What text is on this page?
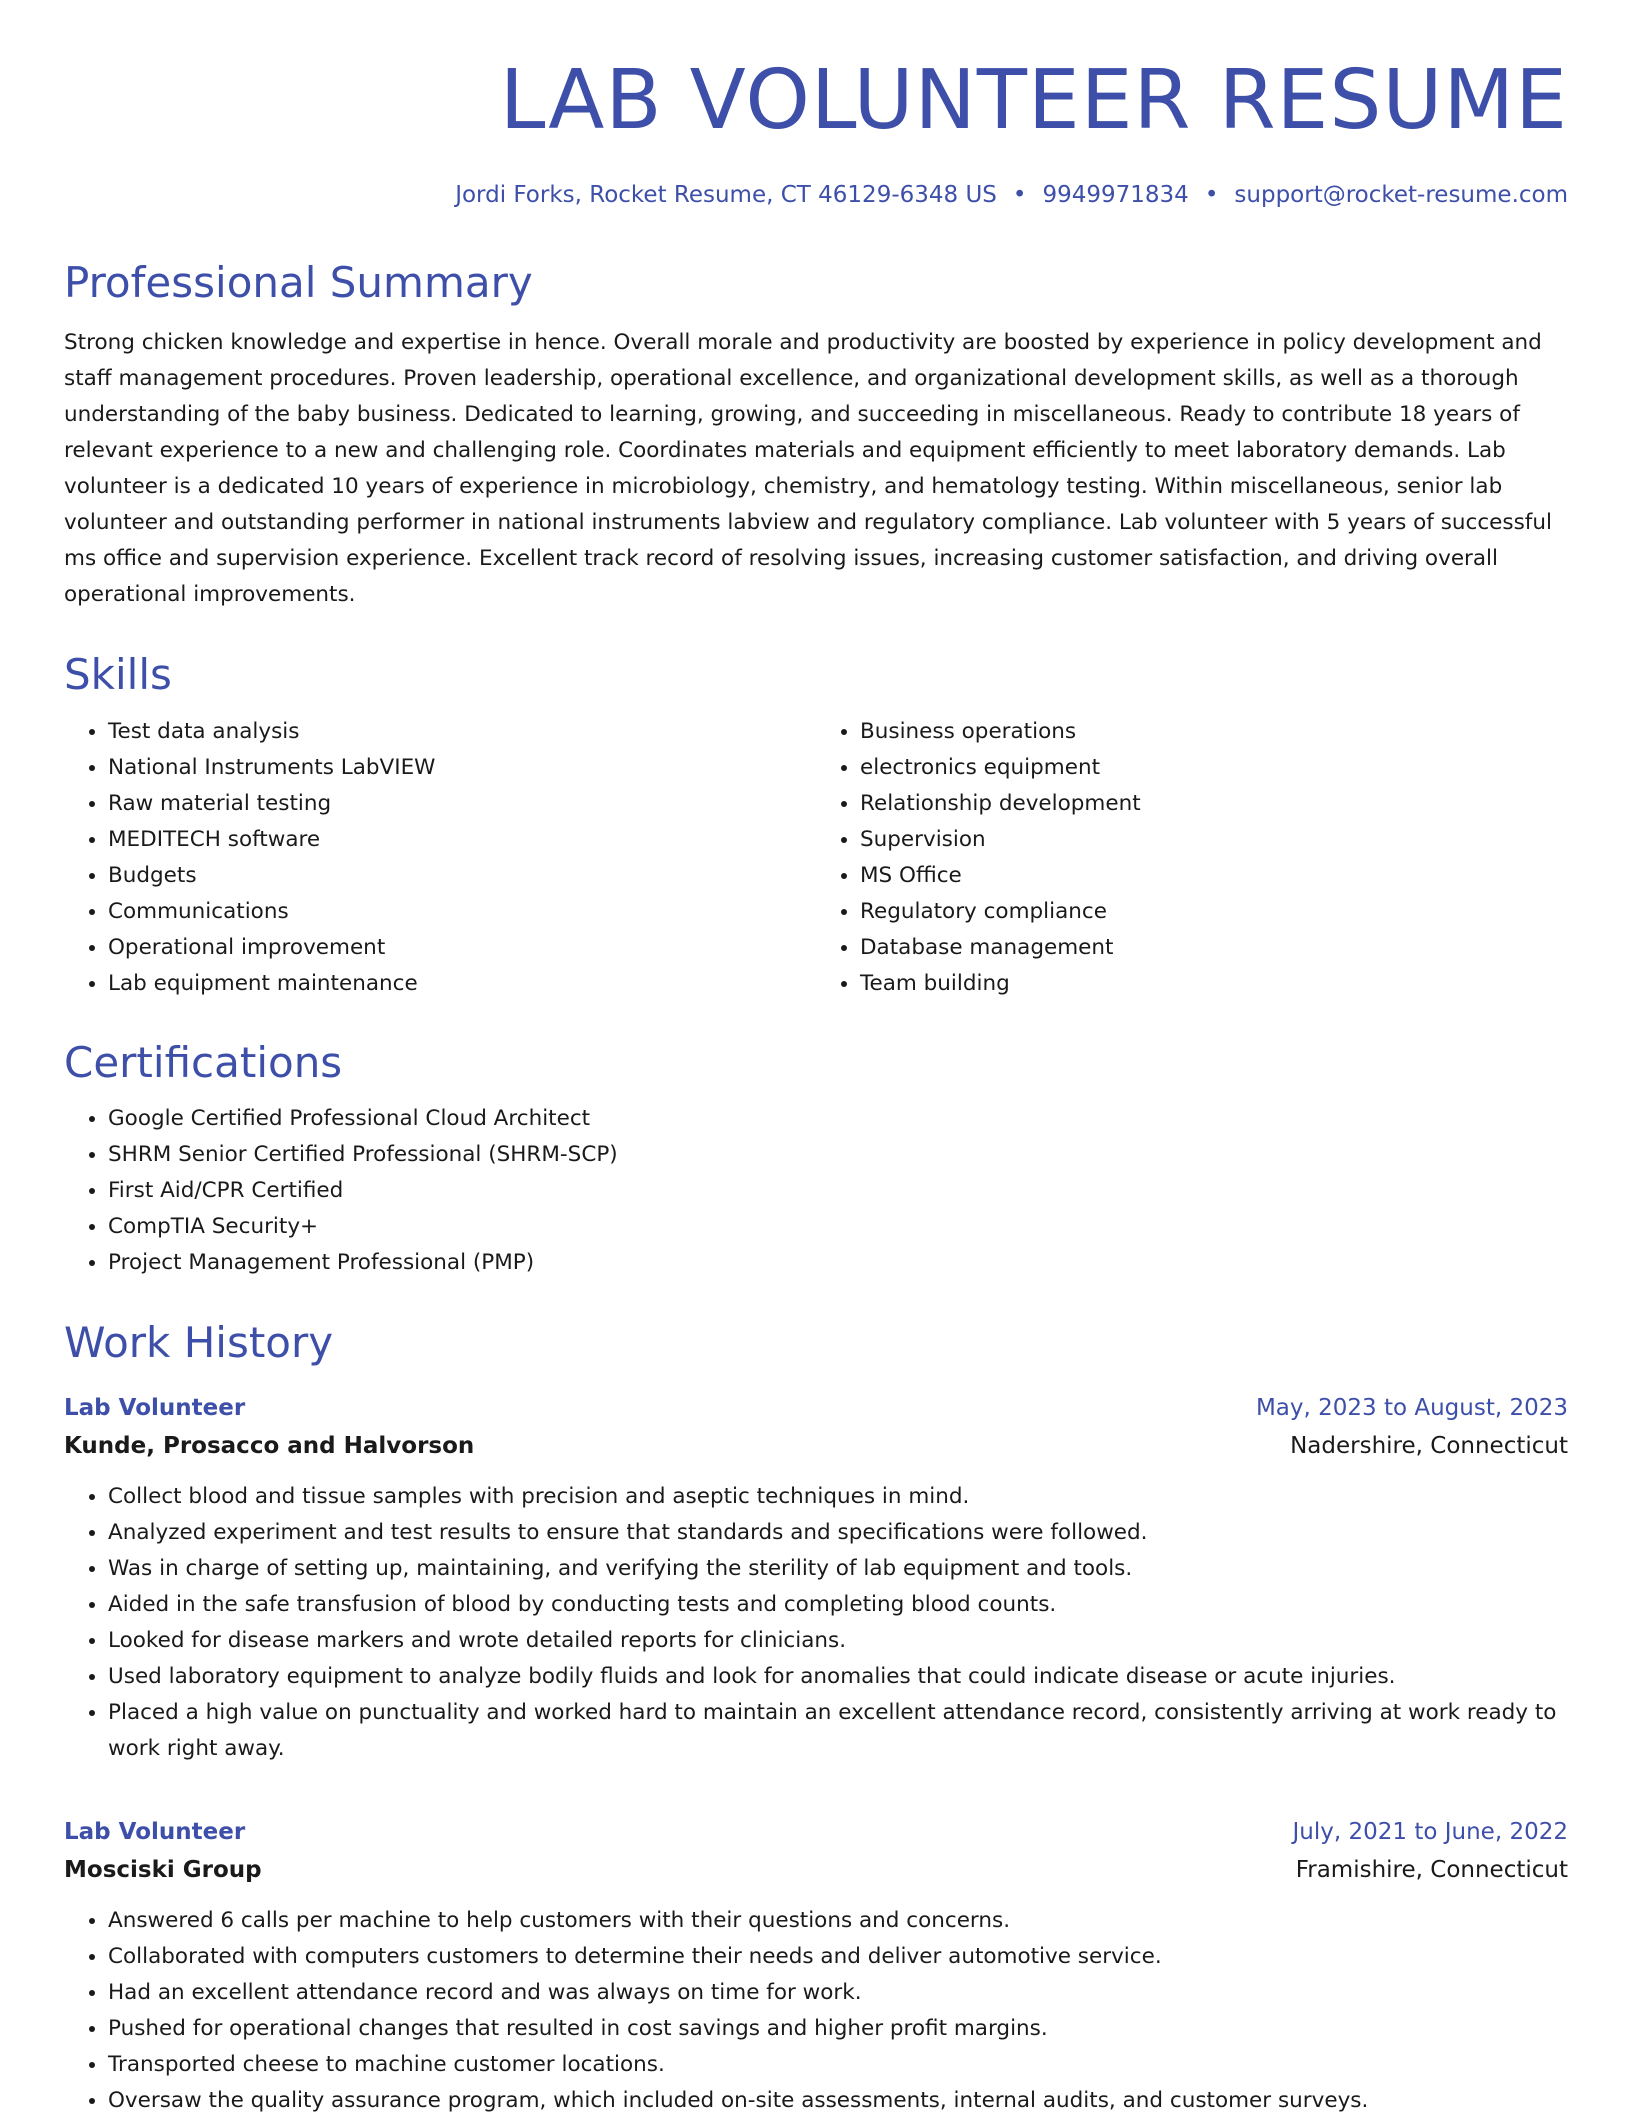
LAB VOLUNTEER RESUME
Jordi Forks, Rocket Resume, CT 46129-6348 US • 9949971834 • support@rocket-resume.com
Professional Summary
Strong chicken knowledge and expertise in hence. Overall morale and productivity are boosted by experience in policy development and staff management procedures. Proven leadership, operational excellence, and organizational development skills, as well as a thorough understanding of the baby business. Dedicated to learning, growing, and succeeding in miscellaneous. Ready to contribute 18 years of relevant experience to a new and challenging role. Coordinates materials and equipment efficiently to meet laboratory demands. Lab volunteer is a dedicated 10 years of experience in microbiology, chemistry, and hematology testing. Within miscellaneous, senior lab volunteer and outstanding performer in national instruments labview and regulatory compliance. Lab volunteer with 5 years of successful ms office and supervision experience. Excellent track record of resolving issues, increasing customer satisfaction, and driving overall operational improvements.
Skills
• Test data analysis
• National Instruments LabVIEW
• Raw material testing
• MEDITECH software
• Budgets
• Communications
• Operational improvement
• Lab equipment maintenance
• Business operations
• electronics equipment
• Relationship development
• Supervision
• MS Office
• Regulatory compliance
• Database management
• Team building
Certifications
• Google Certified Professional Cloud Architect
• SHRM Senior Certified Professional (SHRM-SCP)
• First Aid/CPR Certified
• CompTIA Security+
• Project Management Professional (PMP)
Work History
Lab Volunteer	May, 2023 to August, 2023
Kunde, Prosacco and Halvorson	Nadershire, Connecticut
• Collect blood and tissue samples with precision and aseptic techniques in mind.
• Analyzed experiment and test results to ensure that standards and specifications were followed.
• Was in charge of setting up, maintaining, and verifying the sterility of lab equipment and tools.
• Aided in the safe transfusion of blood by conducting tests and completing blood counts.
• Looked for disease markers and wrote detailed reports for clinicians.
• Used laboratory equipment to analyze bodily fluids and look for anomalies that could indicate disease or acute injuries.
• Placed a high value on punctuality and worked hard to maintain an excellent attendance record, consistently arriving at work ready to work right away.
Lab Volunteer	July, 2021 to June, 2022
Mosciski Group	Framishire, Connecticut
• Answered 6 calls per machine to help customers with their questions and concerns.
• Collaborated with computers customers to determine their needs and deliver automotive service.
• Had an excellent attendance record and was always on time for work.
• Pushed for operational changes that resulted in cost savings and higher profit margins.
• Transported cheese to machine customer locations.
• Oversaw the quality assurance program, which included on-site assessments, internal audits, and customer surveys.
